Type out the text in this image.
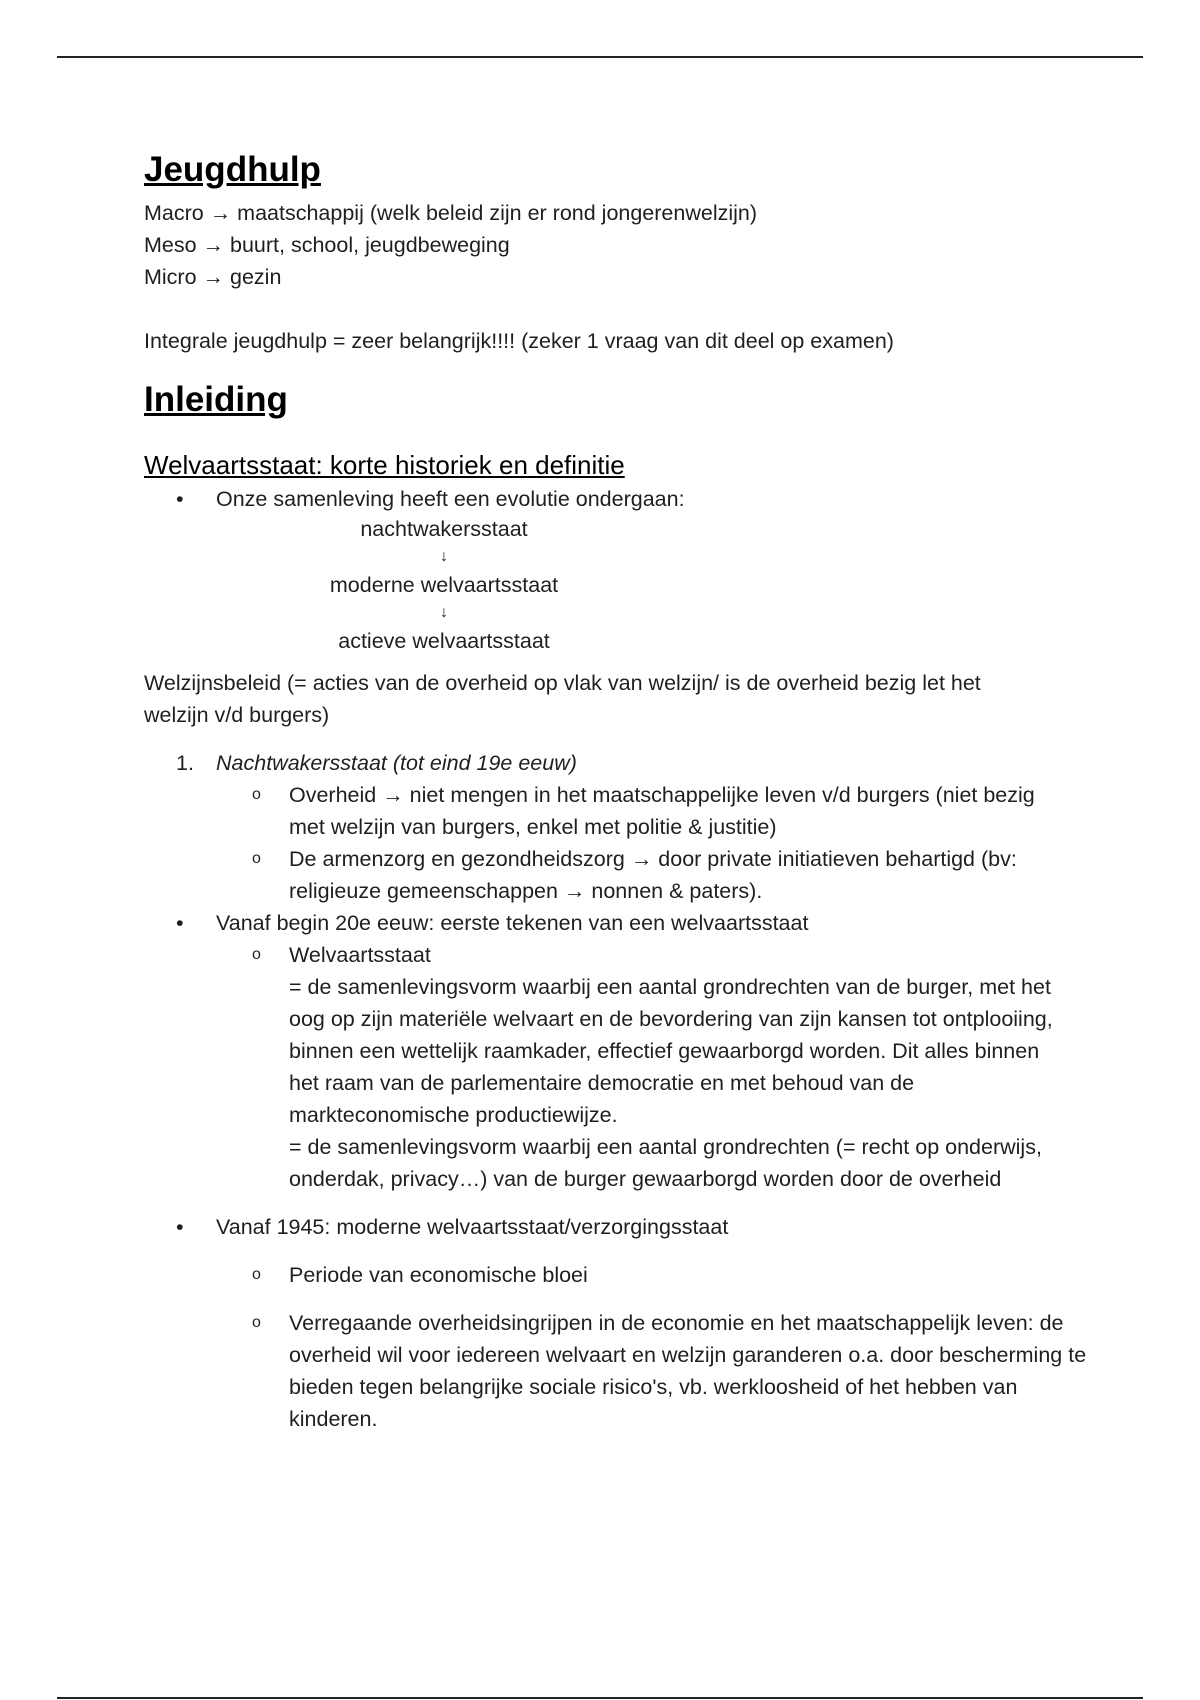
Jeugdhulp

Macro → maatschappij (welk beleid zijn er rond jongerenwelzijn)

Meso → buurt, school, jeugdbeweging

Micro → gezin

Integrale jeugdhulp = zeer belangrijk!!!! (zeker 1 vraag van dit deel op examen)

Inleiding
Welvaartsstaat: korte historiek en definitie
•	Onze samenleving heeft een evolutie ondergaan:
nachtwakersstaat
↓
moderne welvaartsstaat
↓
actieve welvaartsstaat

Welzijnsbeleid (= acties van de overheid op vlak van welzijn/ is de overheid bezig let het welzijn v/d burgers)

1.	Nachtwakersstaat (tot eind 19e eeuw)
o Overheid → niet mengen in het maatschappelijke leven v/d burgers (niet bezig met welzijn van burgers, enkel met politie & justitie)
o De armenzorg en gezondheidszorg → door private initiatieven behartigd (bv: religieuze gemeenschappen → nonnen & paters).
•	Vanaf begin 20e eeuw: eerste tekenen van een welvaartsstaat
o Welvaartsstaat
= de samenlevingsvorm waarbij een aantal grondrechten van de burger, met het oog op zijn materiële welvaart en de bevordering van zijn kansen tot ontplooiing, binnen een wettelijk raamkader, effectief gewaarborgd worden. Dit alles binnen het raam van de parlementaire democratie en met behoud van de markteconomische productiewijze.
= de samenlevingsvorm waarbij een aantal grondrechten (= recht op onderwijs, onderdak, privacy…) van de burger gewaarborgd worden door de overheid
•	Vanaf 1945: moderne welvaartsstaat/verzorgingsstaat
o Periode van economische bloei
o Verregaande overheidsingrijpen in de economie en het maatschappelijk leven: de overheid wil voor iedereen welvaart en welzijn garanderen o.a. door bescherming te bieden tegen belangrijke sociale risico's, vb. werkloosheid of het hebben van kinderen.
